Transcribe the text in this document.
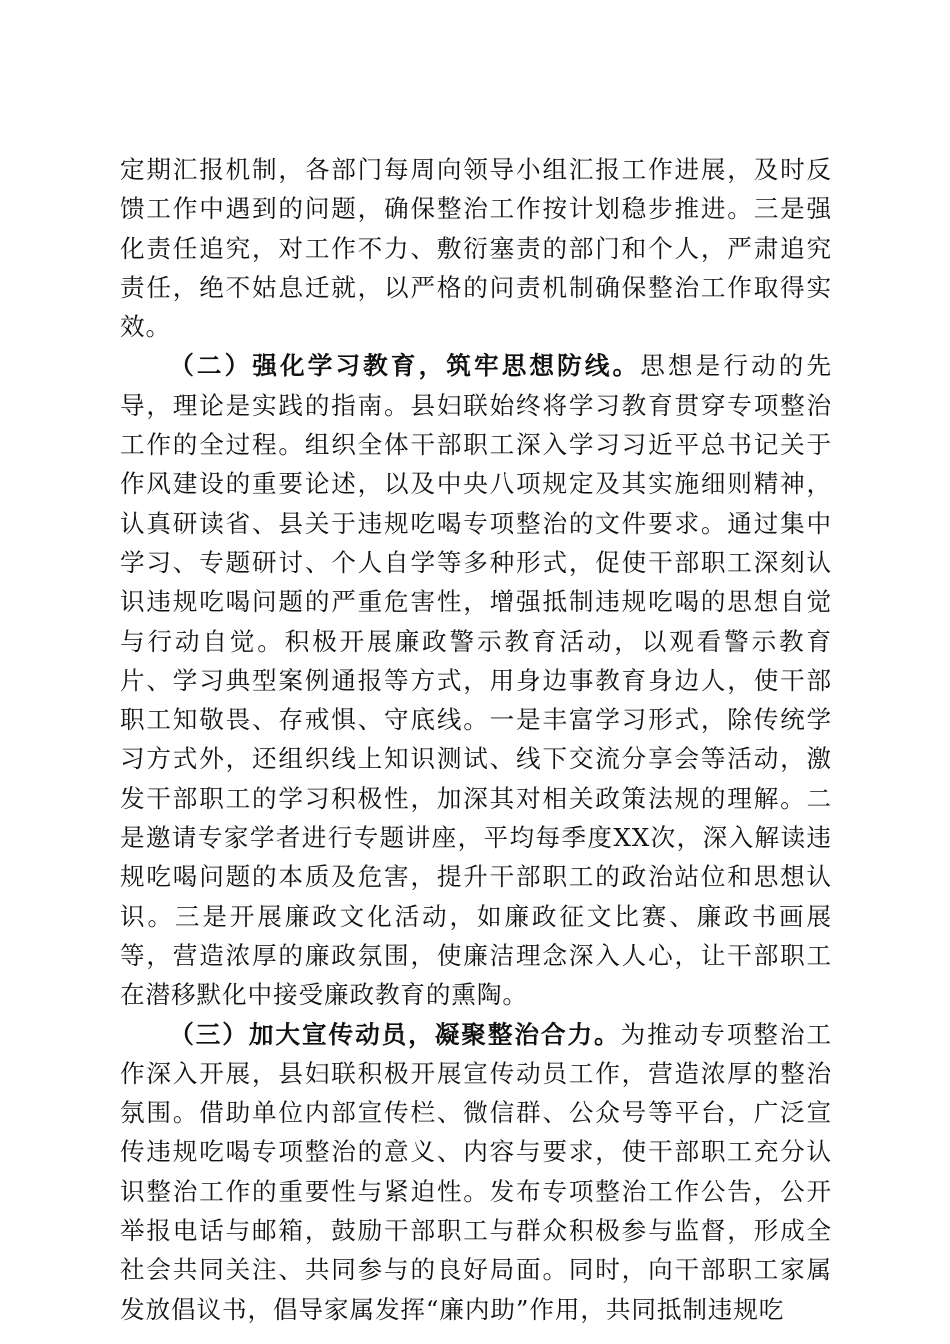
定期汇报机制，各部门每周向领导小组汇报工作进展，及时反馈工作中遇到的问题，确保整治工作按计划稳步推进。三是强化责任追究，对工作不力、敷衍塞责的部门和个人，严肃追究责任，绝不姑息迁就，以严格的问责机制确保整治工作取得实效。

（二）强化学习教育，筑牢思想防线。思想是行动的先导，理论是实践的指南。县妇联始终将学习教育贯穿专项整治工作的全过程。组织全体干部职工深入学习习近平总书记关于作风建设的重要论述，以及中央八项规定及其实施细则精神，认真研读省、县关于违规吃喝专项整治的文件要求。通过集中学习、专题研讨、个人自学等多种形式，促使干部职工深刻认识违规吃喝问题的严重危害性，增强抵制违规吃喝的思想自觉与行动自觉。积极开展廉政警示教育活动，以观看警示教育片、学习典型案例通报等方式，用身边事教育身边人，使干部职工知敬畏、存戒惧、守底线。一是丰富学习形式，除传统学习方式外，还组织线上知识测试、线下交流分享会等活动，激发干部职工的学习积极性，加深其对相关政策法规的理解。二是邀请专家学者进行专题讲座，平均每季度XX次，深入解读违规吃喝问题的本质及危害，提升干部职工的政治站位和思想认识。三是开展廉政文化活动，如廉政征文比赛、廉政书画展等，营造浓厚的廉政氛围，使廉洁理念深入人心，让干部职工在潜移默化中接受廉政教育的熏陶。

（三）加大宣传动员，凝聚整治合力。为推动专项整治工作深入开展，县妇联积极开展宣传动员工作，营造浓厚的整治氛围。借助单位内部宣传栏、微信群、公众号等平台，广泛宣传违规吃喝专项整治的意义、内容与要求，使干部职工充分认识整治工作的重要性与紧迫性。发布专项整治工作公告，公开举报电话与邮箱，鼓励干部职工与群众积极参与监督，形成全社会共同关注、共同参与的良好局面。同时，向干部职工家属发放倡议书，倡导家属发挥“廉内助”作用，共同抵制违规吃
